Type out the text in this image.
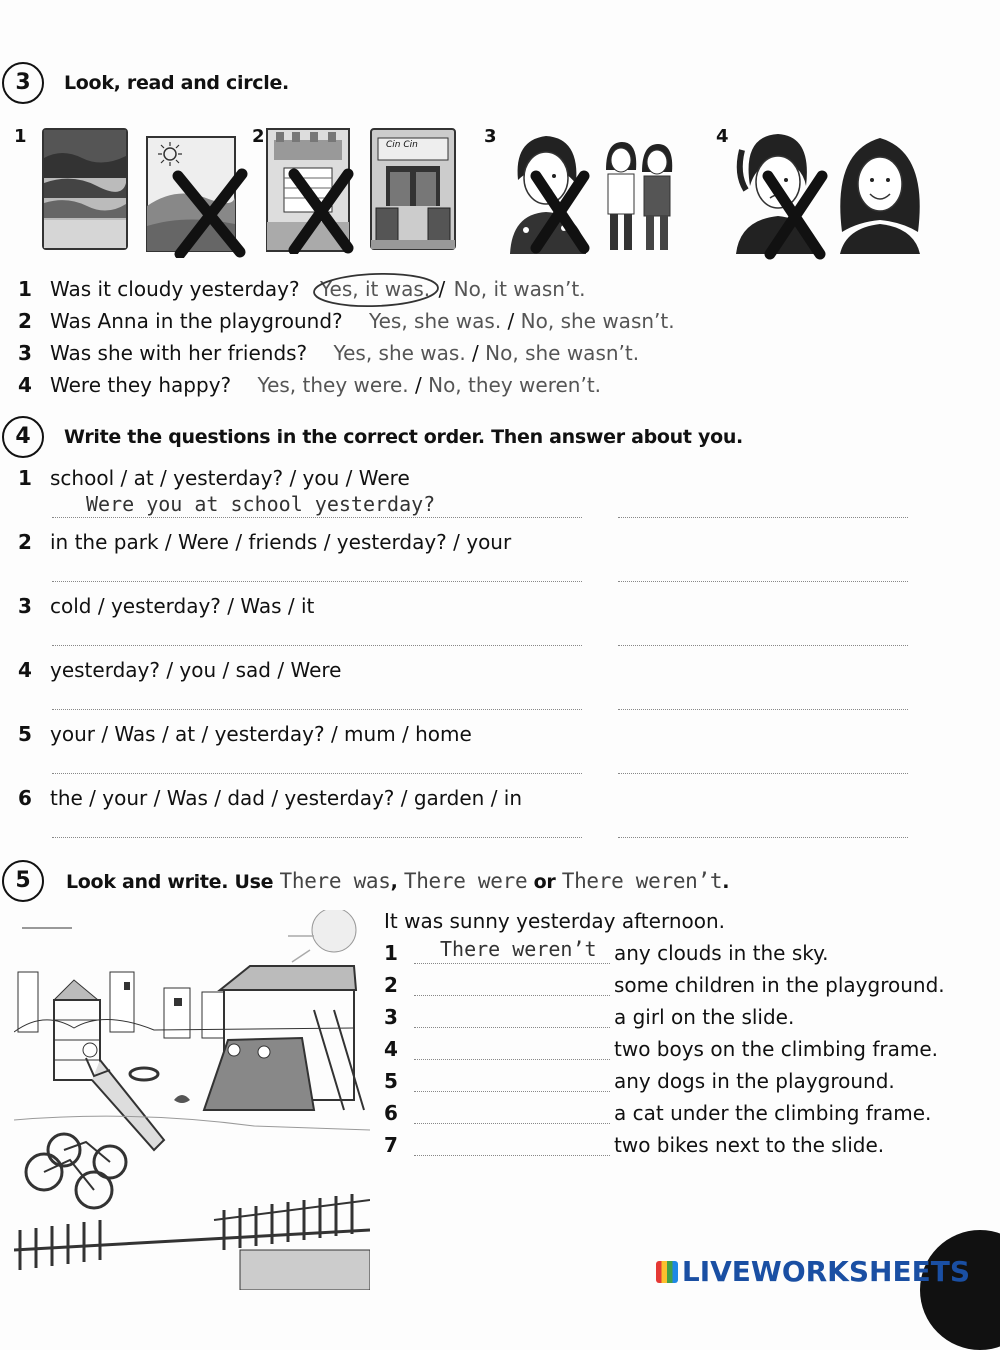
3	Look, read and circle.
1	2	3	4
Cin Cin
1 Was it cloudy yesterday? Yes, it was. / No, it wasn’t.
2 Was Anna in the playground? Yes, she was. / No, she wasn’t.
3 Was she with her friends? Yes, she was. / No, she wasn’t.
4 Were they happy? Yes, they were. / No, they weren’t.
4	Write the questions in the correct order. Then answer about you.
1 school / at / yesterday? / you / Were
Were you at school yesterday?
2 in the park / Were / friends / yesterday? / your
3 cold / yesterday? / Was / it
4 yesterday? / you / sad / Were
5 your / Was / at / yesterday? / mum / home
6 the / your / Was / dad / yesterday? / garden / in
5	Look and write. Use There was, There were or There weren’t.
It was sunny yesterday afternoon.
1 There weren’t any clouds in the sky.
2	some children in the playground.
3	a girl on the slide.
4	two boys on the climbing frame.
5	any dogs in the playground.
6	a cat under the climbing frame.
7	two bikes next to the slide.
LIVEWORKSHEETS
